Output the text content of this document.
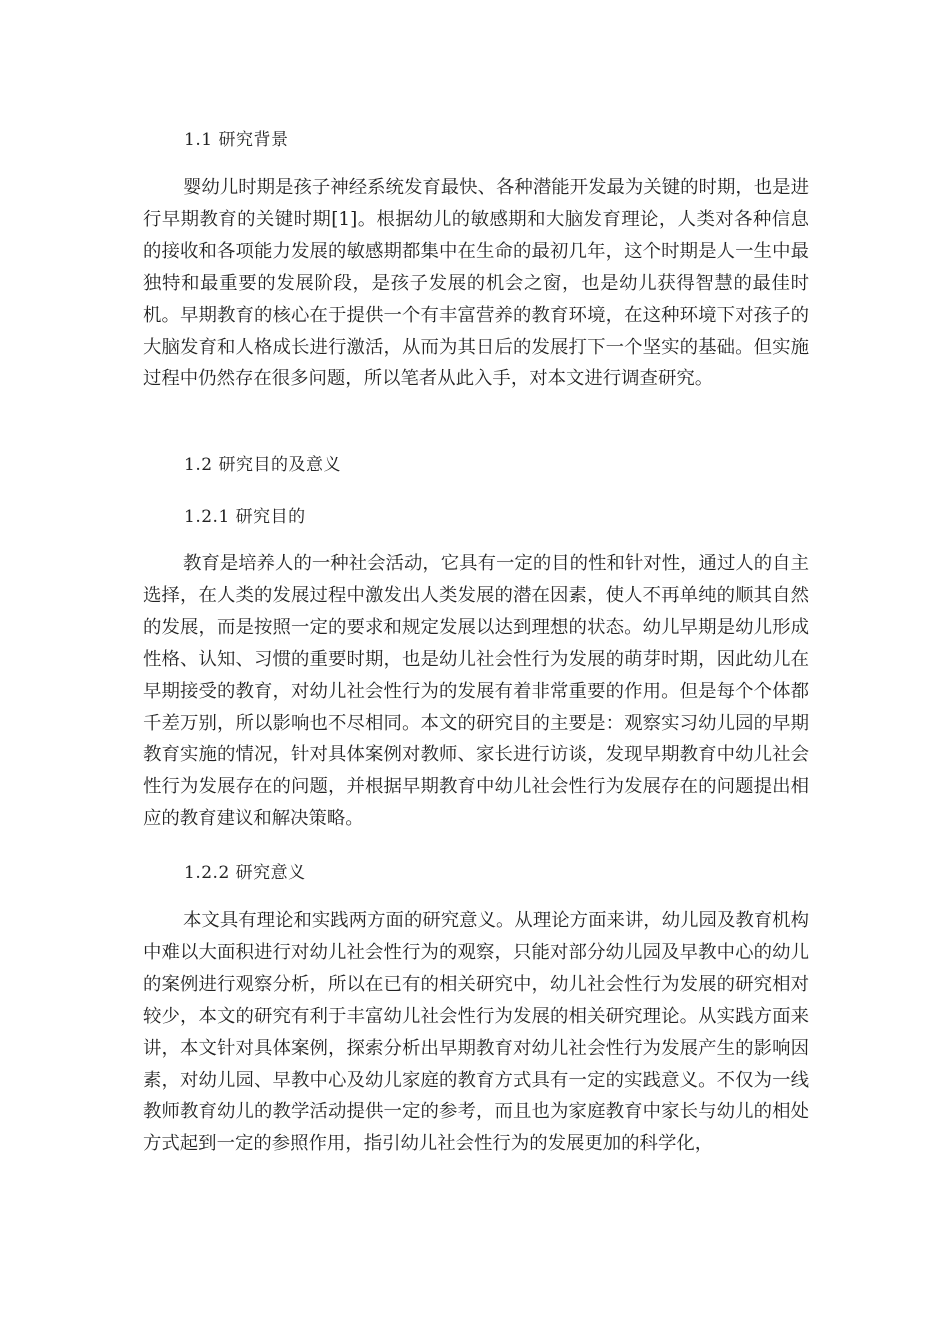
1.1 研究背景

婴幼儿时期是孩子神经系统发育最快、各种潜能开发最为关键的时期，也是进行早期教育的关键时期[1]。根据幼儿的敏感期和大脑发育理论，人类对各种信息的接收和各项能力发展的敏感期都集中在生命的最初几年，这个时期是人一生中最独特和最重要的发展阶段，是孩子发展的机会之窗，也是幼儿获得智慧的最佳时机。早期教育的核心在于提供一个有丰富营养的教育环境，在这种环境下对孩子的大脑发育和人格成长进行激活，从而为其日后的发展打下一个坚实的基础。但实施过程中仍然存在很多问题，所以笔者从此入手，对本文进行调查研究。

1.2 研究目的及意义
1.2.1 研究目的

教育是培养人的一种社会活动，它具有一定的目的性和针对性，通过人的自主选择，在人类的发展过程中激发出人类发展的潜在因素，使人不再单纯的顺其自然的发展，而是按照一定的要求和规定发展以达到理想的状态。幼儿早期是幼儿形成性格、认知、习惯的重要时期，也是幼儿社会性行为发展的萌芽时期，因此幼儿在早期接受的教育，对幼儿社会性行为的发展有着非常重要的作用。但是每个个体都千差万别，所以影响也不尽相同。本文的研究目的主要是：观察实习幼儿园的早期教育实施的情况，针对具体案例对教师、家长进行访谈，发现早期教育中幼儿社会性行为发展存在的问题，并根据早期教育中幼儿社会性行为发展存在的问题提出相应的教育建议和解决策略。

1.2.2 研究意义

本文具有理论和实践两方面的研究意义。从理论方面来讲，幼儿园及教育机构中难以大面积进行对幼儿社会性行为的观察，只能对部分幼儿园及早教中心的幼儿的案例进行观察分析，所以在已有的相关研究中，幼儿社会性行为发展的研究相对较少，本文的研究有利于丰富幼儿社会性行为发展的相关研究理论。从实践方面来讲，本文针对具体案例，探索分析出早期教育对幼儿社会性行为发展产生的影响因素，对幼儿园、早教中心及幼儿家庭的教育方式具有一定的实践意义。不仅为一线教师教育幼儿的教学活动提供一定的参考，而且也为家庭教育中家长与幼儿的相处方式起到一定的参照作用，指引幼儿社会性行为的发展更加的科学化，
